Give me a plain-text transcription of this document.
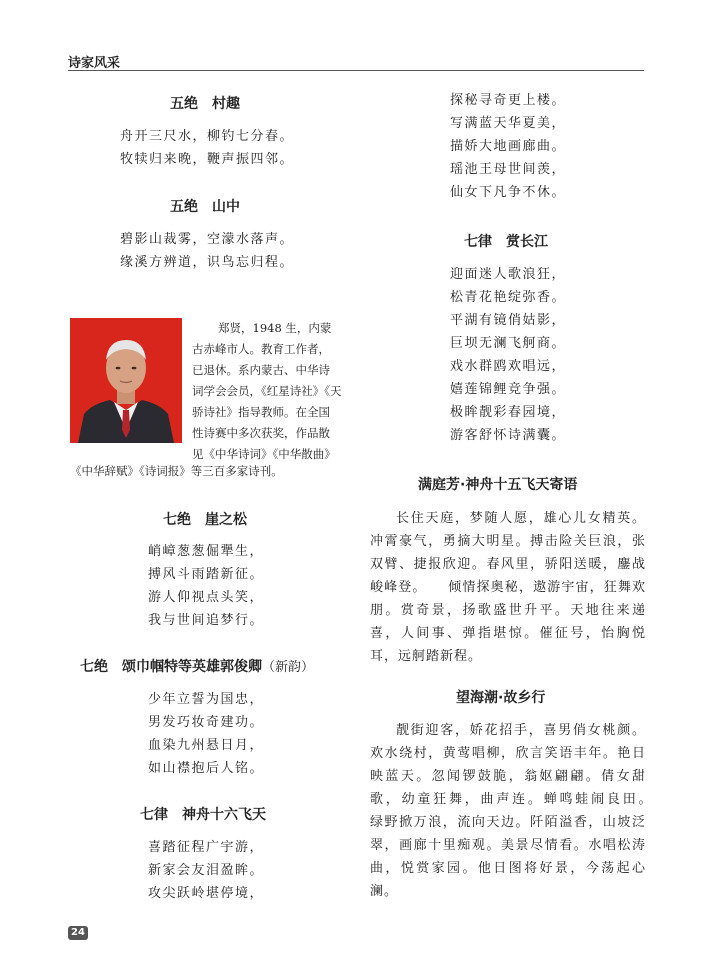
诗家风采
五绝　村趣
舟开三尺水，柳钓七分春。
牧犊归来晚，鞭声振四邻。
五绝　山中
碧影山裁雾，空濛水落声。
缘溪方辨道，识鸟忘归程。
郑贤，1948 生，内蒙
古赤峰市人。教育工作者，
已退休。系内蒙古、中华诗
词学会会员，《红星诗社》《天
骄诗社》指导教师。在全国
性诗赛中多次获奖，作品散
见《中华诗词》《中华散曲》
《中华辞赋》《诗词报》等三百多家诗刊。
七绝　崖之松
峭嶂葱葱倔犟生，
搏风斗雨踏新征。
游人仰视点头笑，
我与世间追梦行。
七绝　颂巾帼特等英雄郭俊卿（新韵）
少年立誓为国忠，
男发巧妆奇建功。
血染九州悬日月，
如山襟抱后人铭。
七律　神舟十六飞天
喜踏征程广宇游，
新家会友泪盈眸。
攻尖跃岭堪停境，
探秘寻奇更上楼。
写满蓝天华夏美，
描娇大地画廊曲。
瑶池王母世间羡，
仙女下凡争不休。
七律　赏长江
迎面迷人歌浪狂，
松青花艳绽弥香。
平湖有镜俏姑影，
巨坝无澜飞舸商。
戏水群鸥欢唱远，
嬉莲锦鲤竞争强。
极眸靓彩春园境，
游客舒怀诗满囊。
满庭芳·神舟十五飞天寄语
长住天庭，梦随人愿，雄心儿女精英。冲霄豪气，勇摘大明星。搏击险关巨浪，张双臂、捷报欣迎。春风里，骄阳送暖，鏖战峻峰登。　　倾情探奥秘，遨游宇宙，狂舞欢朋。赏奇景，扬歌盛世升平。天地往来递喜，人间事、弹指堪惊。催征号，怡胸悦耳，远舸踏新程。
望海潮·故乡行
靓街迎客，娇花招手，喜男俏女桃颜。欢水绕村，黄莺唱柳，欣言笑语丰年。艳日映蓝天。忽闻锣鼓脆，翁妪翩翩。倩女甜歌，幼童狂舞，曲声连。蝉鸣蛙闹良田。　　绿野掀万浪，流向天边。阡陌溢香，山坡泛翠，画廊十里痴观。美景尽情看。水唱松涛曲，悦赏家园。他日图将好景，今荡起心澜。
24
